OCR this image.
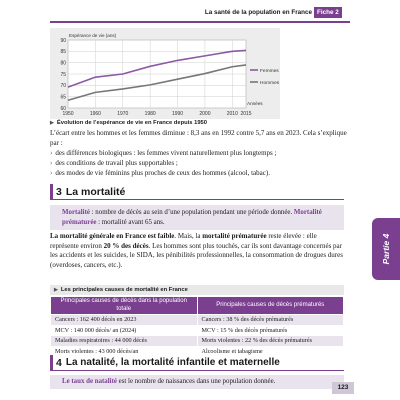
La santé de la population en France Fiche 2
60
65
70
75
80
85
90
1950	1960	1970	1980	1990	2000	2010 2015
Espérance de vie (ans)
Années
Femmes
Hommes
▶ Évolution de l’espérance de vie en France depuis 1950
L’écart entre les hommes et les femmes diminue : 8,3 ans en 1992 contre 5,7 ans en 2023. Cela s’explique par :
› des différences biologiques : les femmes vivent naturellement plus longtemps ;
› des conditions de travail plus supportables ;
› des modes de vie féminins plus proches de ceux des hommes (alcool, tabac).
3 La mortalité
Mortalité : nombre de décès au sein d’une population pendant une période donnée. Mortalité prématurée : mortalité avant 65 ans.
La mortalité générale en France est faible. Mais, la mortalité prématurée reste élevée : elle représente environ 20 % des décès. Les hommes sont plus touchés, car ils sont davantage concernés par les accidents et les suicides, le SIDA, les pénibilités professionnelles, la consommation de drogues dures (overdoses, cancers, etc.).
▶ Les principales causes de mortalité en France
Principales causes de décès dans la population totale	Principales causes de décès prématurés
Cancers : 162 400 décès en 2023	Cancers : 38 % des décès prématurés
MCV : 140 000 décès/ an (2024)	MCV : 15 % des décès prématurés
Maladies respiratoires : 44 000 décès	Morts violentes : 22 % des décès prématurés
Morts violentes : 43 000 décès/an	Alcoolisme et tabagisme
4 La natalité, la mortalité infantile et maternelle
Le taux de natalité est le nombre de naissances dans une population donnée.
Partie 4
123
